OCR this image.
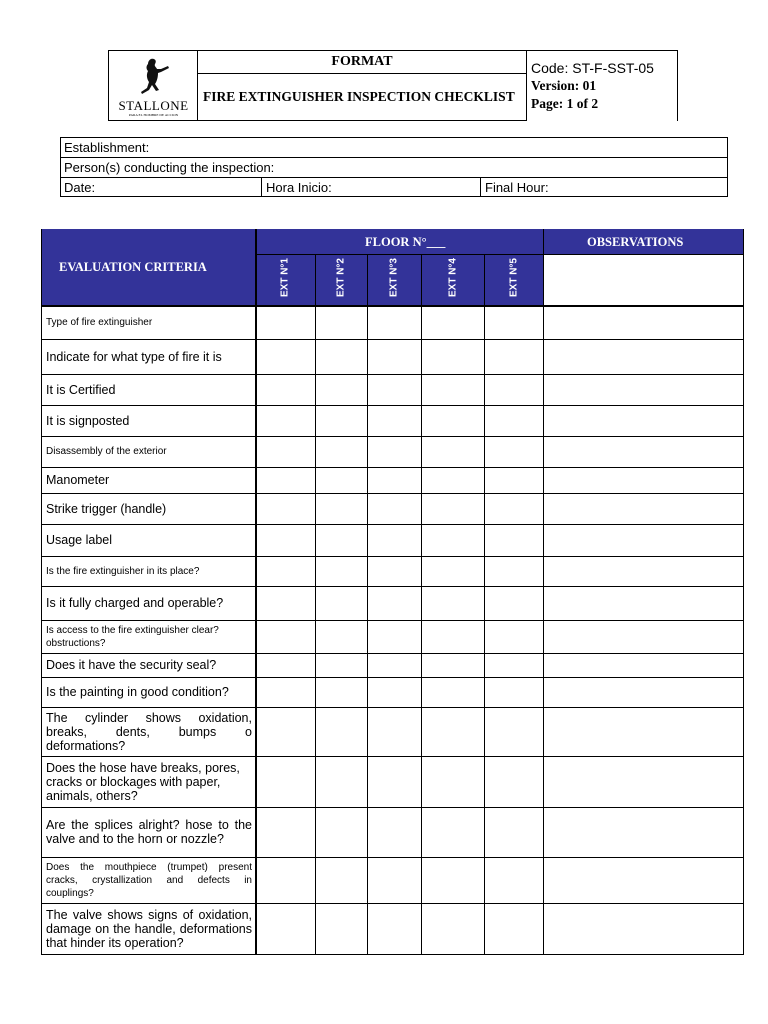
STALLONE
PARA EL HOMBRE DE ACCION
FORMAT
FIRE EXTINGUISHER INSPECTION CHECKLIST
Code: ST-F-SST-05
Version: 01
Page: 1 of 2
Establishment:
Person(s) conducting the inspection:
Date:	Hora Inicio:	Final Hour:
EVALUATION CRITERIA
FLOOR N°___	OBSERVATIONS
EXT N°1	EXT N°2	EXT N°3	EXT N°4	EXT N°5
Type of fire extinguisher
Indicate for what type of fire it is
It is Certified
It is signposted
Disassembly of the exterior
Manometer
Strike trigger (handle)
Usage label
Is the fire extinguisher in its place?
Is it fully charged and operable?
Is access to the fire extinguisher clear? obstructions?
Does it have the security seal?
Is the painting in good condition?
The cylinder shows oxidation, breaks, dents, bumps o deformations?
Does the hose have breaks, pores, cracks or blockages with paper, animals, others?
Are the splices alright? hose to the valve and to the horn or nozzle?
Does the mouthpiece (trumpet) present cracks, crystallization and defects in couplings?
The valve shows signs of oxidation, damage on the handle, deformations that hinder its operation?
